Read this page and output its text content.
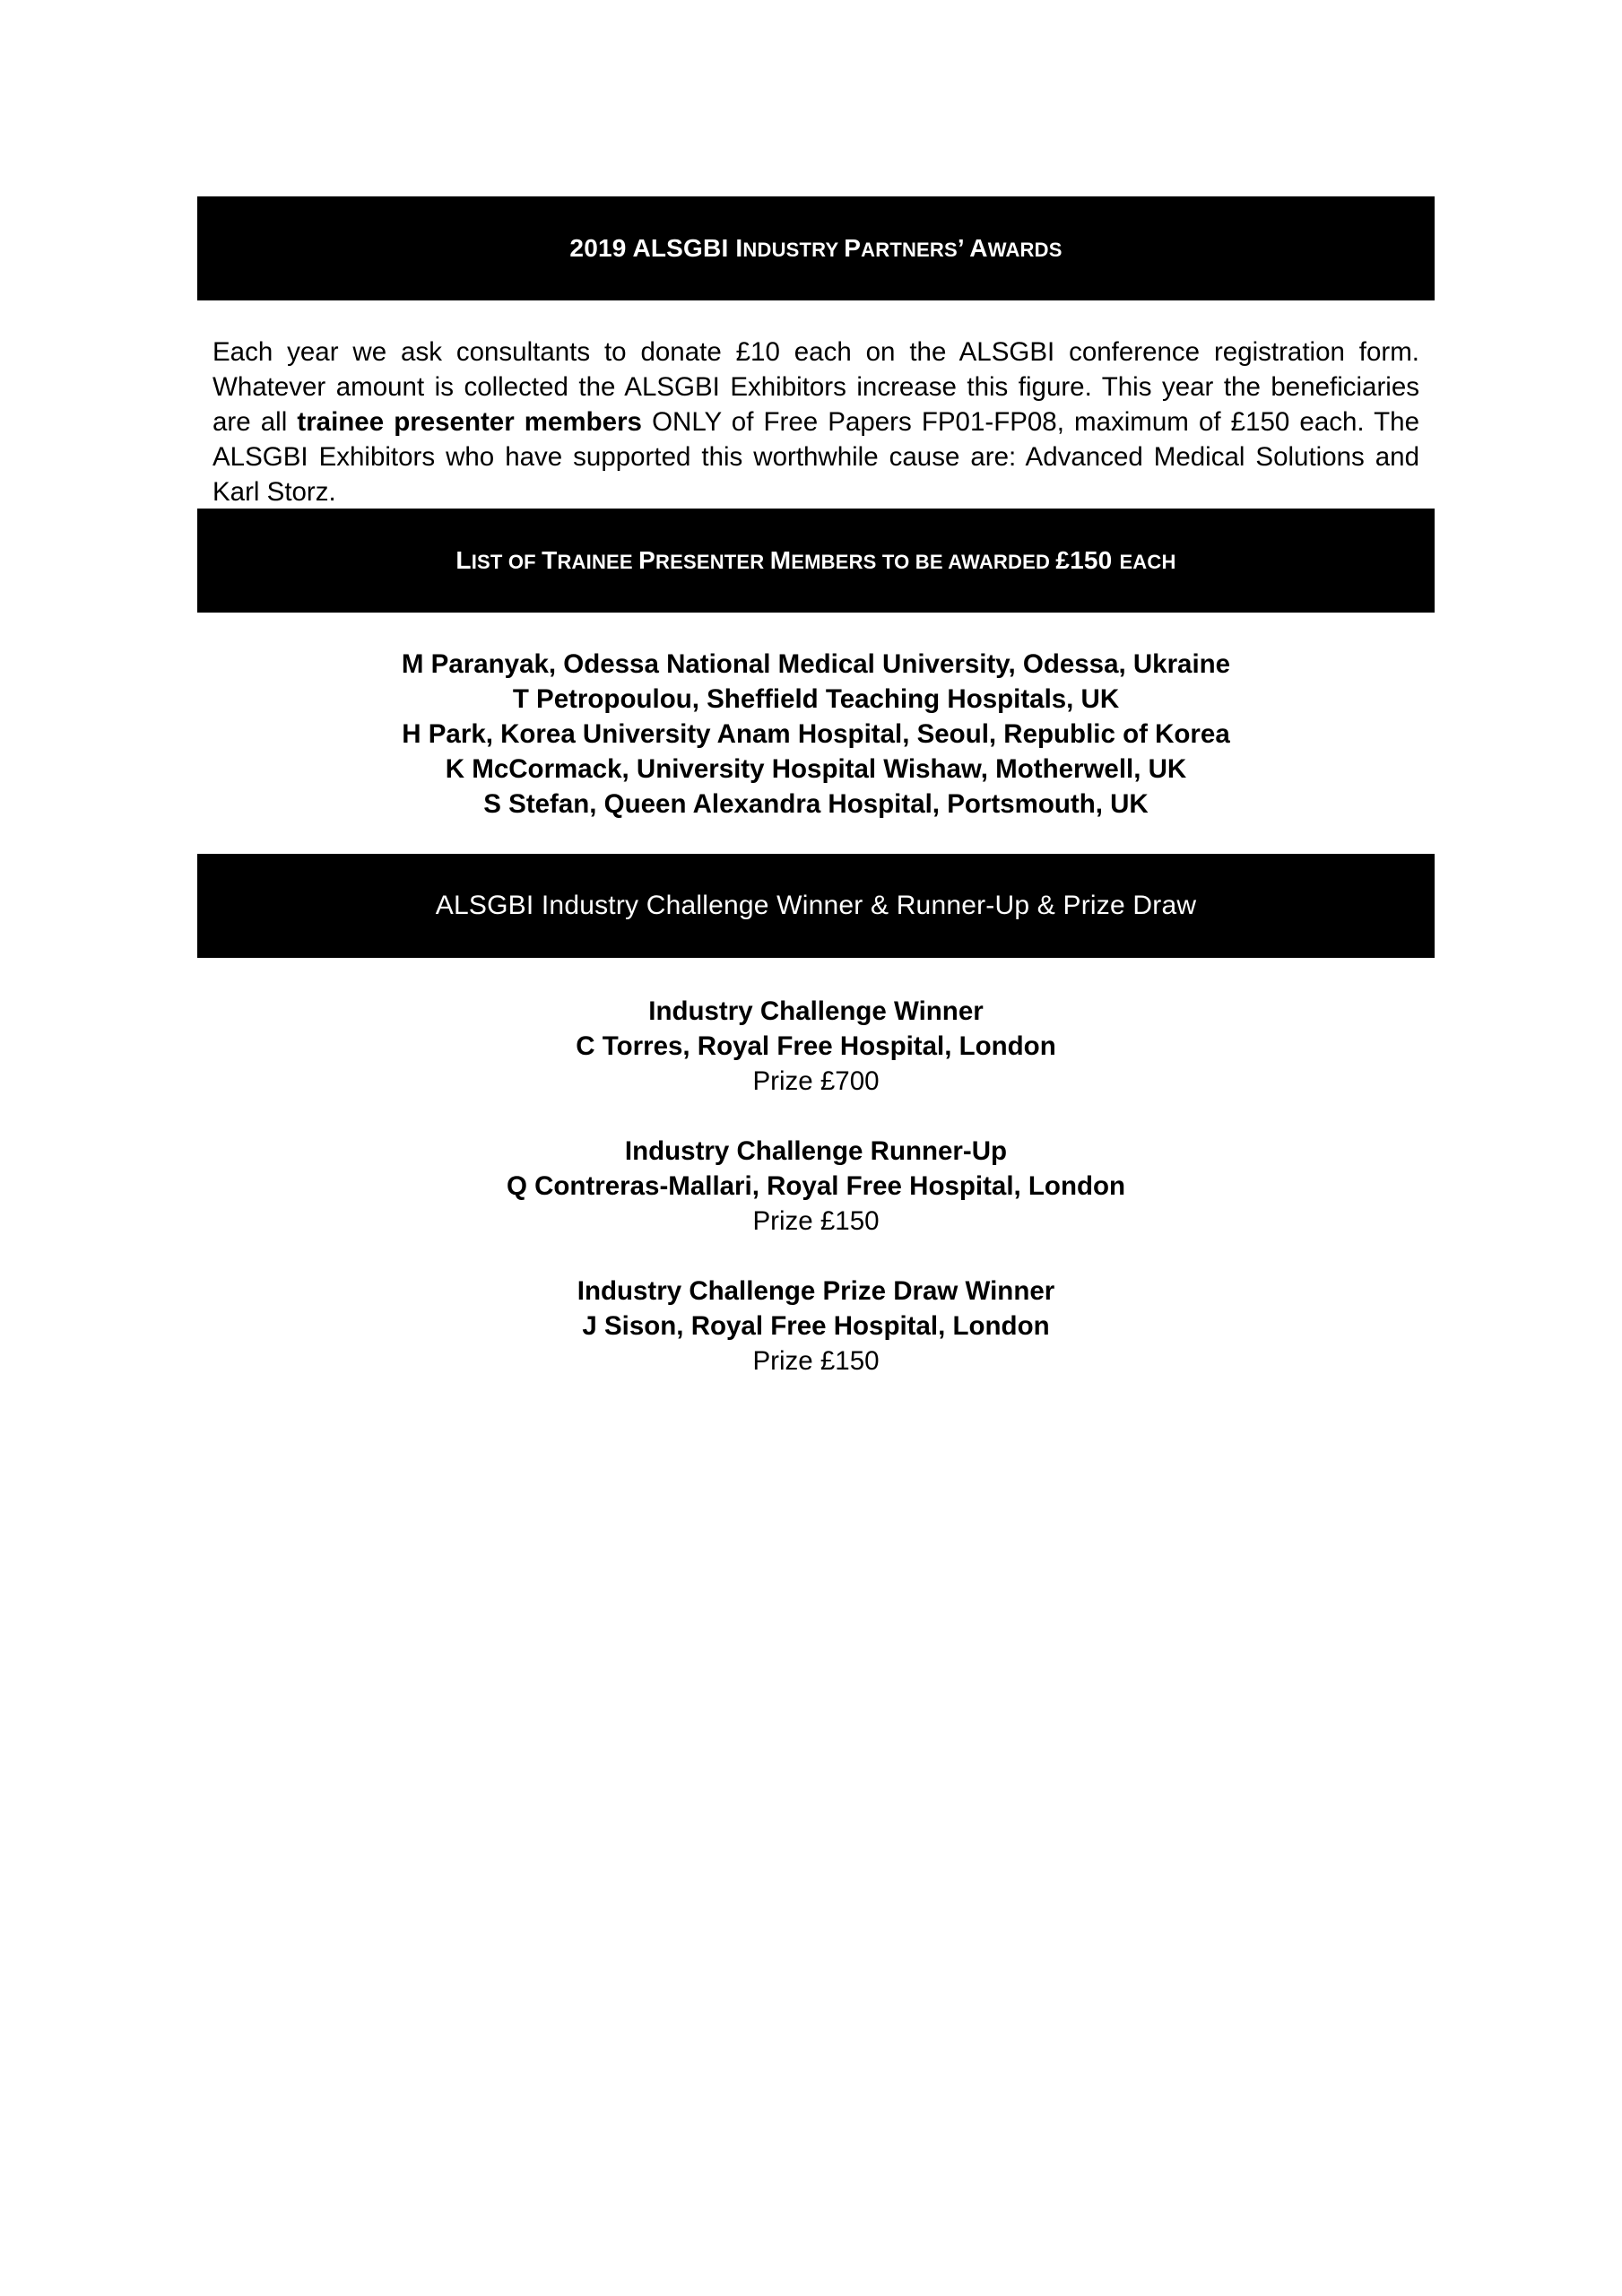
2019 ALSGBI INDUSTRY PARTNERS’ AWARDS

Each year we ask consultants to donate £10 each on the ALSGBI conference registration form. Whatever amount is collected the ALSGBI Exhibitors increase this figure. This year the beneficiaries are all trainee presenter members ONLY of Free Papers FP01-FP08, maximum of £150 each. The ALSGBI Exhibitors who have supported this worthwhile cause are: Advanced Medical Solutions and Karl Storz.

LIST OF TRAINEE PRESENTER MEMBERS TO BE AWARDED £150 EACH
M Paranyak, Odessa National Medical University, Odessa, Ukraine
T Petropoulou, Sheffield Teaching Hospitals, UK
H Park, Korea University Anam Hospital, Seoul, Republic of Korea
K McCormack, University Hospital Wishaw, Motherwell, UK
S Stefan, Queen Alexandra Hospital, Portsmouth, UK
ALSGBI Industry Challenge Winner & Runner-Up & Prize Draw
Industry Challenge Winner
C Torres, Royal Free Hospital, London
Prize £700
Industry Challenge Runner-Up
Q Contreras-Mallari, Royal Free Hospital, London
Prize £150
Industry Challenge Prize Draw Winner
J Sison, Royal Free Hospital, London
Prize £150
